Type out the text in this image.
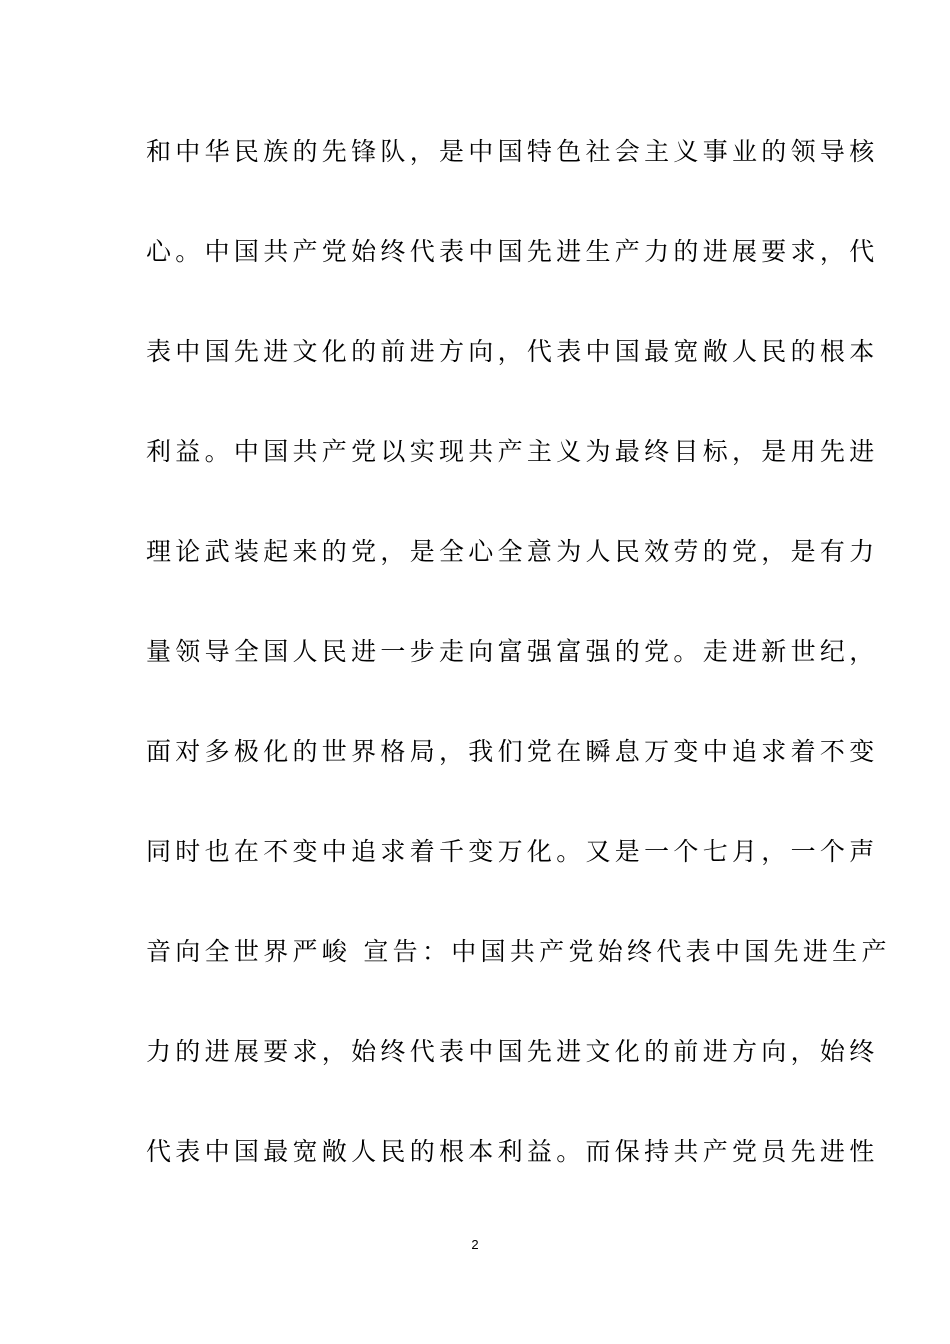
和中华民族的先锋队，是中国特色社会主义事业的领导核
心。中国共产党始终代表中国先进生产力的进展要求，代
表中国先进文化的前进方向，代表中国最宽敞人民的根本
利益。中国共产党以实现共产主义为最终目标，是用先进
理论武装起来的党，是全心全意为人民效劳的党，是有力
量领导全国人民进一步走向富强富强的党。走进新世纪，
面对多极化的世界格局，我们党在瞬息万变中追求着不变
同时也在不变中追求着千变万化。又是一个七月，一个声
音向全世界严峻 宣告：中国共产党始终代表中国先进生产
力的进展要求，始终代表中国先进文化的前进方向，始终
代表中国最宽敞人民的根本利益。而保持共产党员先进性
2
